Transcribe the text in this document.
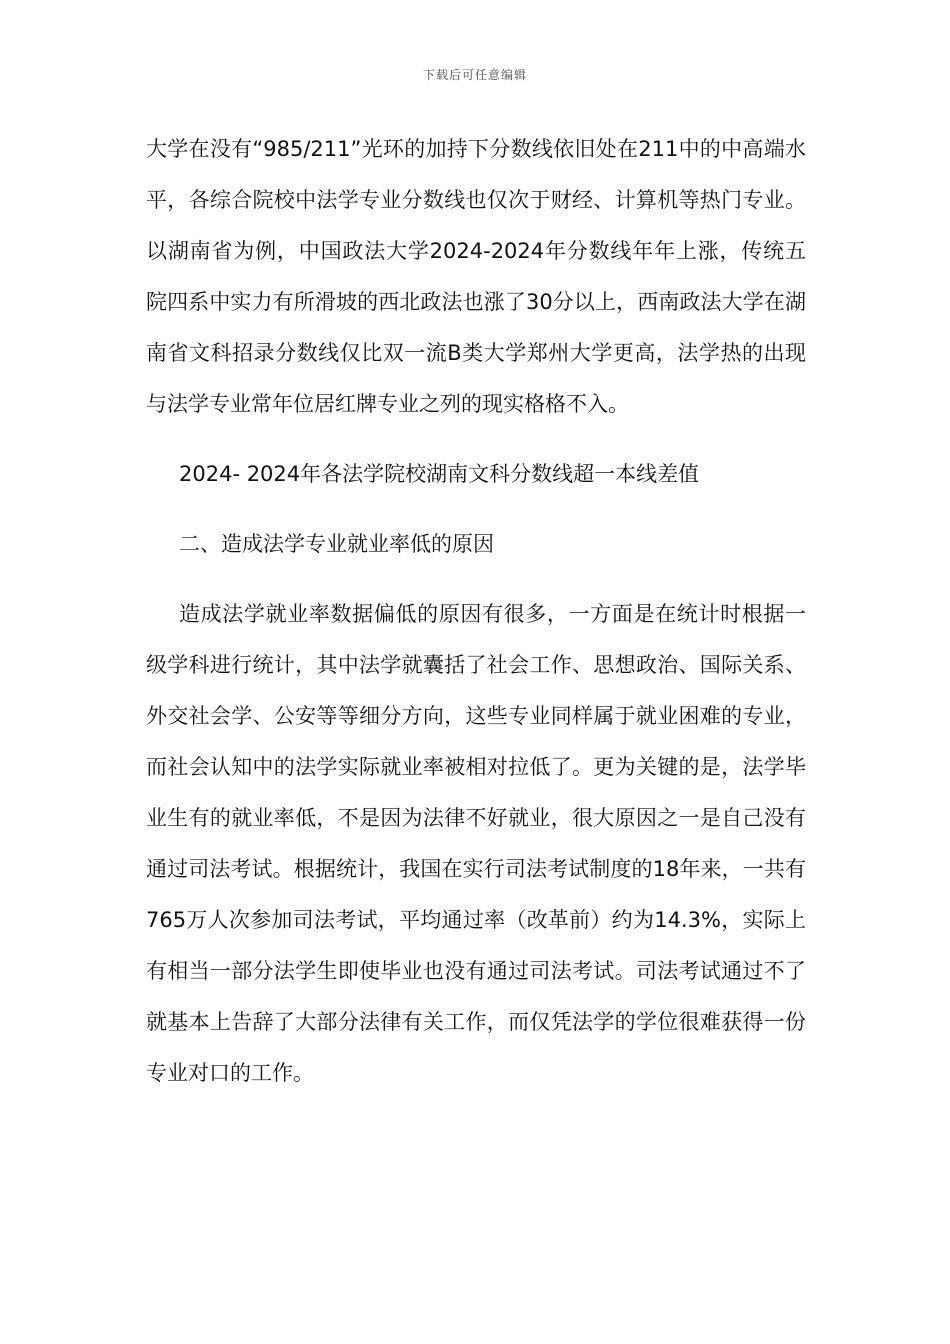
下载后可任意编辑

大学在没有“985/211”光环的加持下分数线依旧处在211中的中高端水平，各综合院校中法学专业分数线也仅次于财经、计算机等热门专业。以湖南省为例，中国政法大学2024-2024年分数线年年上涨，传统五院四系中实力有所滑坡的西北政法也涨了30分以上，西南政法大学在湖南省文科招录分数线仅比双一流B类大学郑州大学更高，法学热的出现与法学专业常年位居红牌专业之列的现实格格不入。

2024- 2024年各法学院校湖南文科分数线超一本线差值

二、造成法学专业就业率低的原因

造成法学就业率数据偏低的原因有很多，一方面是在统计时根据一级学科进行统计，其中法学就囊括了社会工作、思想政治、国际关系、外交社会学、公安等等细分方向，这些专业同样属于就业困难的专业，而社会认知中的法学实际就业率被相对拉低了。更为关键的是，法学毕业生有的就业率低，不是因为法律不好就业，很大原因之一是自己没有通过司法考试。根据统计，我国在实行司法考试制度的18年来，一共有765万人次参加司法考试，平均通过率（改革前）约为14.3%，实际上有相当一部分法学生即使毕业也没有通过司法考试。司法考试通过不了就基本上告辞了大部分法律有关工作，而仅凭法学的学位很难获得一份专业对口的工作。
